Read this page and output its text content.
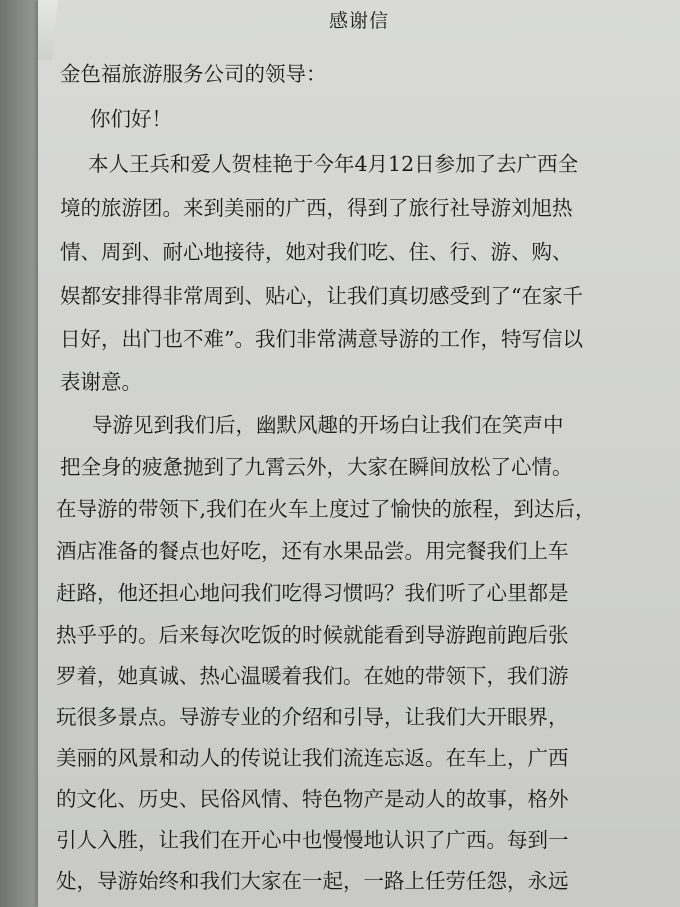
感谢信
金色福旅游服务公司的领导：
你们好！
本人王兵和爱人贺桂艳于今年4月12日参加了去广西全
境的旅游团。来到美丽的广西，得到了旅行社导游刘旭热
情、周到、耐心地接待，她对我们吃、住、行、游、购、
娱都安排得非常周到、贴心，让我们真切感受到了“在家千
日好，出门也不难”。我们非常满意导游的工作，特写信以
表谢意。
导游见到我们后，幽默风趣的开场白让我们在笑声中
把全身的疲惫抛到了九霄云外，大家在瞬间放松了心情。
在导游的带领下,我们在火车上度过了愉快的旅程，到达后，
酒店准备的餐点也好吃，还有水果品尝。用完餐我们上车
赶路，他还担心地问我们吃得习惯吗？我们听了心里都是
热乎乎的。后来每次吃饭的时候就能看到导游跑前跑后张
罗着，她真诚、热心温暖着我们。在她的带领下，我们游
玩很多景点。导游专业的介绍和引导，让我们大开眼界，
美丽的风景和动人的传说让我们流连忘返。在车上，广西
的文化、历史、民俗风情、特色物产是动人的故事，格外
引人入胜，让我们在开心中也慢慢地认识了广西。每到一
处，导游始终和我们大家在一起，一路上任劳任怨，永远
